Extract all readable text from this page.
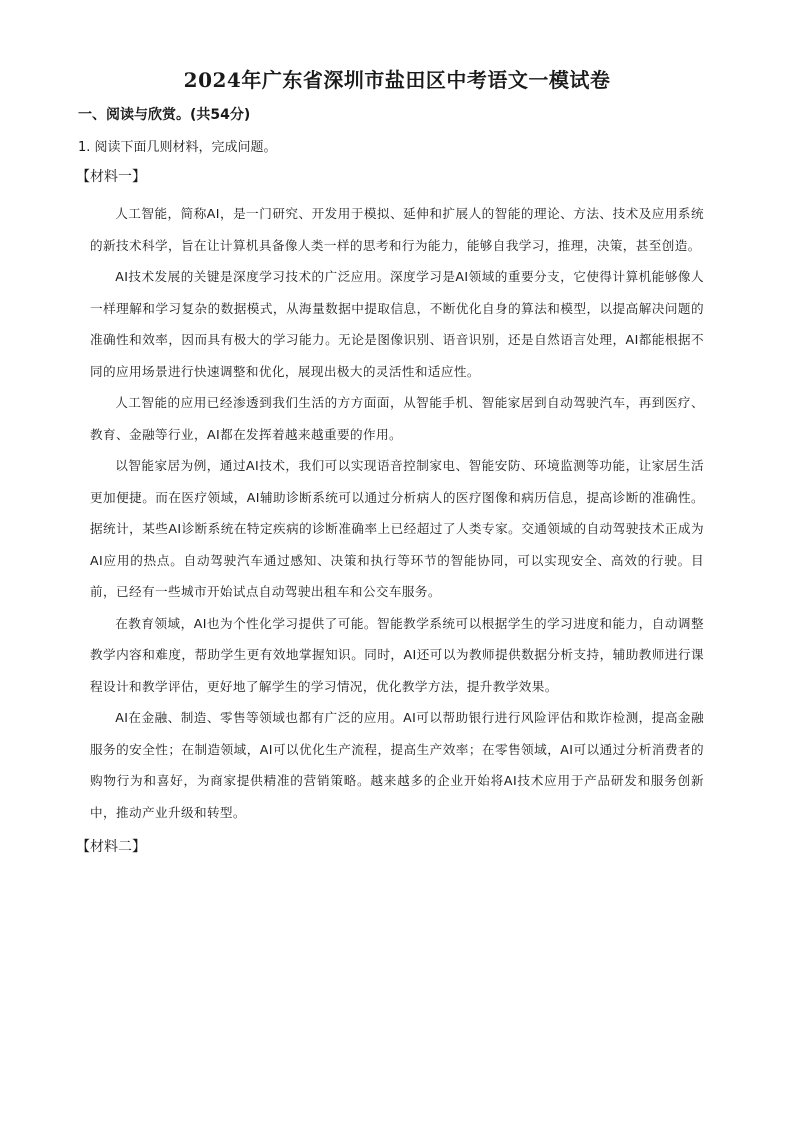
2024年广东省深圳市盐田区中考语文一模试卷
一、阅读与欣赏。(共54分)
1. 阅读下面几则材料，完成问题。
【材料一】

人工智能，简称AI，是一门研究、开发用于模拟、延伸和扩展人的智能的理论、方法、技术及应用系统的新技术科学，旨在让计算机具备像人类一样的思考和行为能力，能够自我学习，推理，决策，甚至创造。

AI技术发展的关键是深度学习技术的广泛应用。深度学习是AI领域的重要分支，它使得计算机能够像人一样理解和学习复杂的数据模式，从海量数据中提取信息，不断优化自身的算法和模型，以提高解决问题的准确性和效率，因而具有极大的学习能力。无论是图像识别、语音识别，还是自然语言处理，AI都能根据不同的应用场景进行快速调整和优化，展现出极大的灵活性和适应性。

人工智能的应用已经渗透到我们生活的方方面面，从智能手机、智能家居到自动驾驶汽车，再到医疗、教育、金融等行业，AI都在发挥着越来越重要的作用。

以智能家居为例，通过AI技术，我们可以实现语音控制家电、智能安防、环境监测等功能，让家居生活更加便捷。而在医疗领域，AI辅助诊断系统可以通过分析病人的医疗图像和病历信息，提高诊断的准确性。据统计，某些AI诊断系统在特定疾病的诊断准确率上已经超过了人类专家。交通领域的自动驾驶技术正成为AI应用的热点。自动驾驶汽车通过感知、决策和执行等环节的智能协同，可以实现安全、高效的行驶。目前，已经有一些城市开始试点自动驾驶出租车和公交车服务。

在教育领域，AI也为个性化学习提供了可能。智能教学系统可以根据学生的学习进度和能力，自动调整教学内容和难度，帮助学生更有效地掌握知识。同时，AI还可以为教师提供数据分析支持，辅助教师进行课程设计和教学评估，更好地了解学生的学习情况，优化教学方法，提升教学效果。

AI在金融、制造、零售等领域也都有广泛的应用。AI可以帮助银行进行风险评估和欺诈检测，提高金融服务的安全性；在制造领域，AI可以优化生产流程，提高生产效率；在零售领域，AI可以通过分析消费者的购物行为和喜好，为商家提供精准的营销策略。越来越多的企业开始将AI技术应用于产品研发和服务创新中，推动产业升级和转型。

【材料二】
